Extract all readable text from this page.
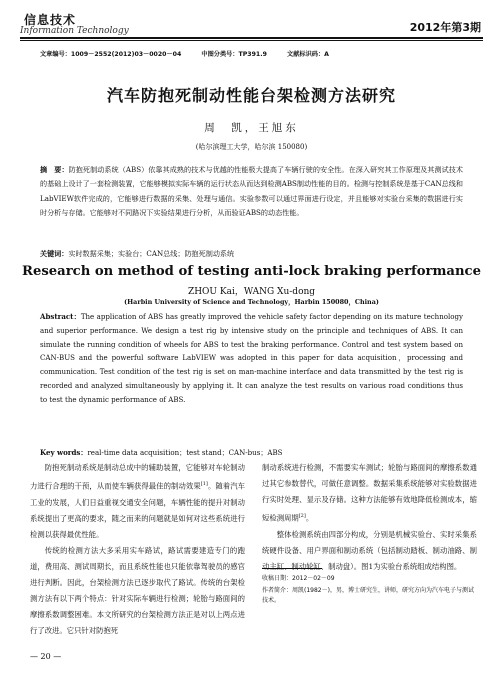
信息技术
Information Technology	2012年第3期
文章编号：1009－2552(2012)03－0020－04	中图分类号：TP391.9	文献标识码：A
汽车防抱死制动性能台架检测方法研究
周　凯，王旭东
(哈尔滨理工大学，哈尔滨 150080)
摘　要：防抱死制动系统（ABS）依靠其成熟的技术与优越的性能极大提高了车辆行驶的安全性。在深入研究其工作原理及其测试技术的基础上设计了一套检测装置，它能够模拟实际车辆的运行状态从而达到检测ABS制动性能的目的。检测与控制系统是基于CAN总线和LabVIEW软件完成的，它能够进行数据的采集、处理与通信。实验参数可以通过界面进行设定，并且能够对实验台采集的数据进行实时分析与存储。它能够对不同路况下实验结果进行分析，从而验证ABS的动态性能。
关键词：实时数据采集；实验台；CAN总线；防抱死制动系统
Research on method of testing anti-lock braking performance
ZHOU Kai，WANG Xu-dong
(Harbin University of Science and Technology，Harbin 150080，China)
Abstract：The application of ABS has greatly improved the vehicle safety factor depending on its mature technology and superior performance. We design a test rig by intensive study on the principle and techniques of ABS. It can simulate the running condition of wheels for ABS to test the braking performance. Control and test system based on CAN-BUS and the powerful software LabVIEW was adopted in this paper for data acquisition，processing and communication. Test condition of the test rig is set on man-machine interface and data transmitted by the test rig is recorded and analyzed simultaneously by applying it. It can analyze the test results on various road conditions thus to test the dynamic performance of ABS.
Key words：real-time data acquisition；test stand；CAN-bus；ABS

防抱死制动系统是制动总成中的辅助装置，它能够对车轮制动力进行合理的干预，从而使车辆获得最佳的制动效果[1]。随着汽车工业的发展，人们日益重视交通安全问题，车辆性能的提升对制动系统提出了更高的要求，随之而来的问题就是如何对这些系统进行检测以获得最优性能。

传统的检测方法大多采用实车路试，路试需要建造专门的跑道，费用高、测试周期长，而且系统性能也只能依靠驾驶员的感官进行判断。因此，台架检测方法已逐步取代了路试。传统的台架检测方法有以下两个特点：针对实际车辆进行检测；轮胎与路面间的摩擦系数调整困难。本文所研究的台架检测方法正是对以上两点进行了改进。它只针对防抱死

制动系统进行检测，不需要实车测试；轮胎与路面间的摩擦系数通过其它参数替代，可做任意调整。数据采集系统能够对实验数据进行实时处理、显示及存储。这种方法能够有效地降低检测成本，缩短检测周期[2]。

整体检测系统由四部分构成，分别是机械实验台、实时采集系统硬件设备、用户界面和制动系统（包括制动踏板、制动油路、制动主缸、制动轮缸、制动盘）。图1为实验台系统组成结构图。

收稿日期：2012－02－09
作者简介：周凯(1982－)，男，博士研究生，讲师，研究方向为汽车电子与测试技术。
— 20 —
